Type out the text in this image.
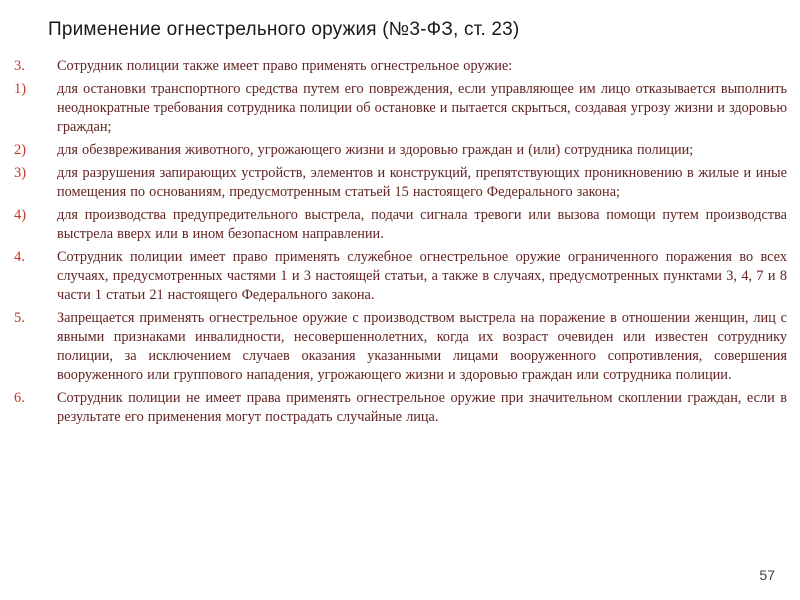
Применение огнестрельного оружия (№3-ФЗ, ст. 23)
3.	Сотрудник полиции также имеет право применять огнестрельное оружие:
1)	для остановки транспортного средства путем его повреждения, если управляющее им лицо отказывается выполнить неоднократные требования сотрудника полиции об остановке и пытается скрыться, создавая угрозу жизни и здоровью граждан;
2)	для обезвреживания животного, угрожающего жизни и здоровью граждан и (или) сотрудника полиции;
3)	для разрушения запирающих устройств, элементов и конструкций, препятствующих проникновению в жилые и иные помещения по основаниям, предусмотренным статьей 15 настоящего Федерального закона;
4)	для производства предупредительного выстрела, подачи сигнала тревоги или вызова помощи путем производства выстрела вверх или в ином безопасном направлении.
4.	Сотрудник полиции имеет право применять служебное огнестрельное оружие ограниченного поражения во всех случаях, предусмотренных частями 1 и 3 настоящей статьи, а также в случаях, предусмотренных пунктами 3, 4, 7 и 8 части 1 статьи 21 настоящего Федерального закона.
5.	Запрещается применять огнестрельное оружие с производством выстрела на поражение в отношении женщин, лиц с явными признаками инвалидности, несовершеннолетних, когда их возраст очевиден или известен сотруднику полиции, за исключением случаев оказания указанными лицами вооруженного сопротивления, совершения вооруженного или группового нападения, угрожающего жизни и здоровью граждан или сотрудника полиции.
6.	Сотрудник полиции не имеет права применять огнестрельное оружие при значительном скоплении граждан, если в результате его применения могут пострадать случайные лица.
57
